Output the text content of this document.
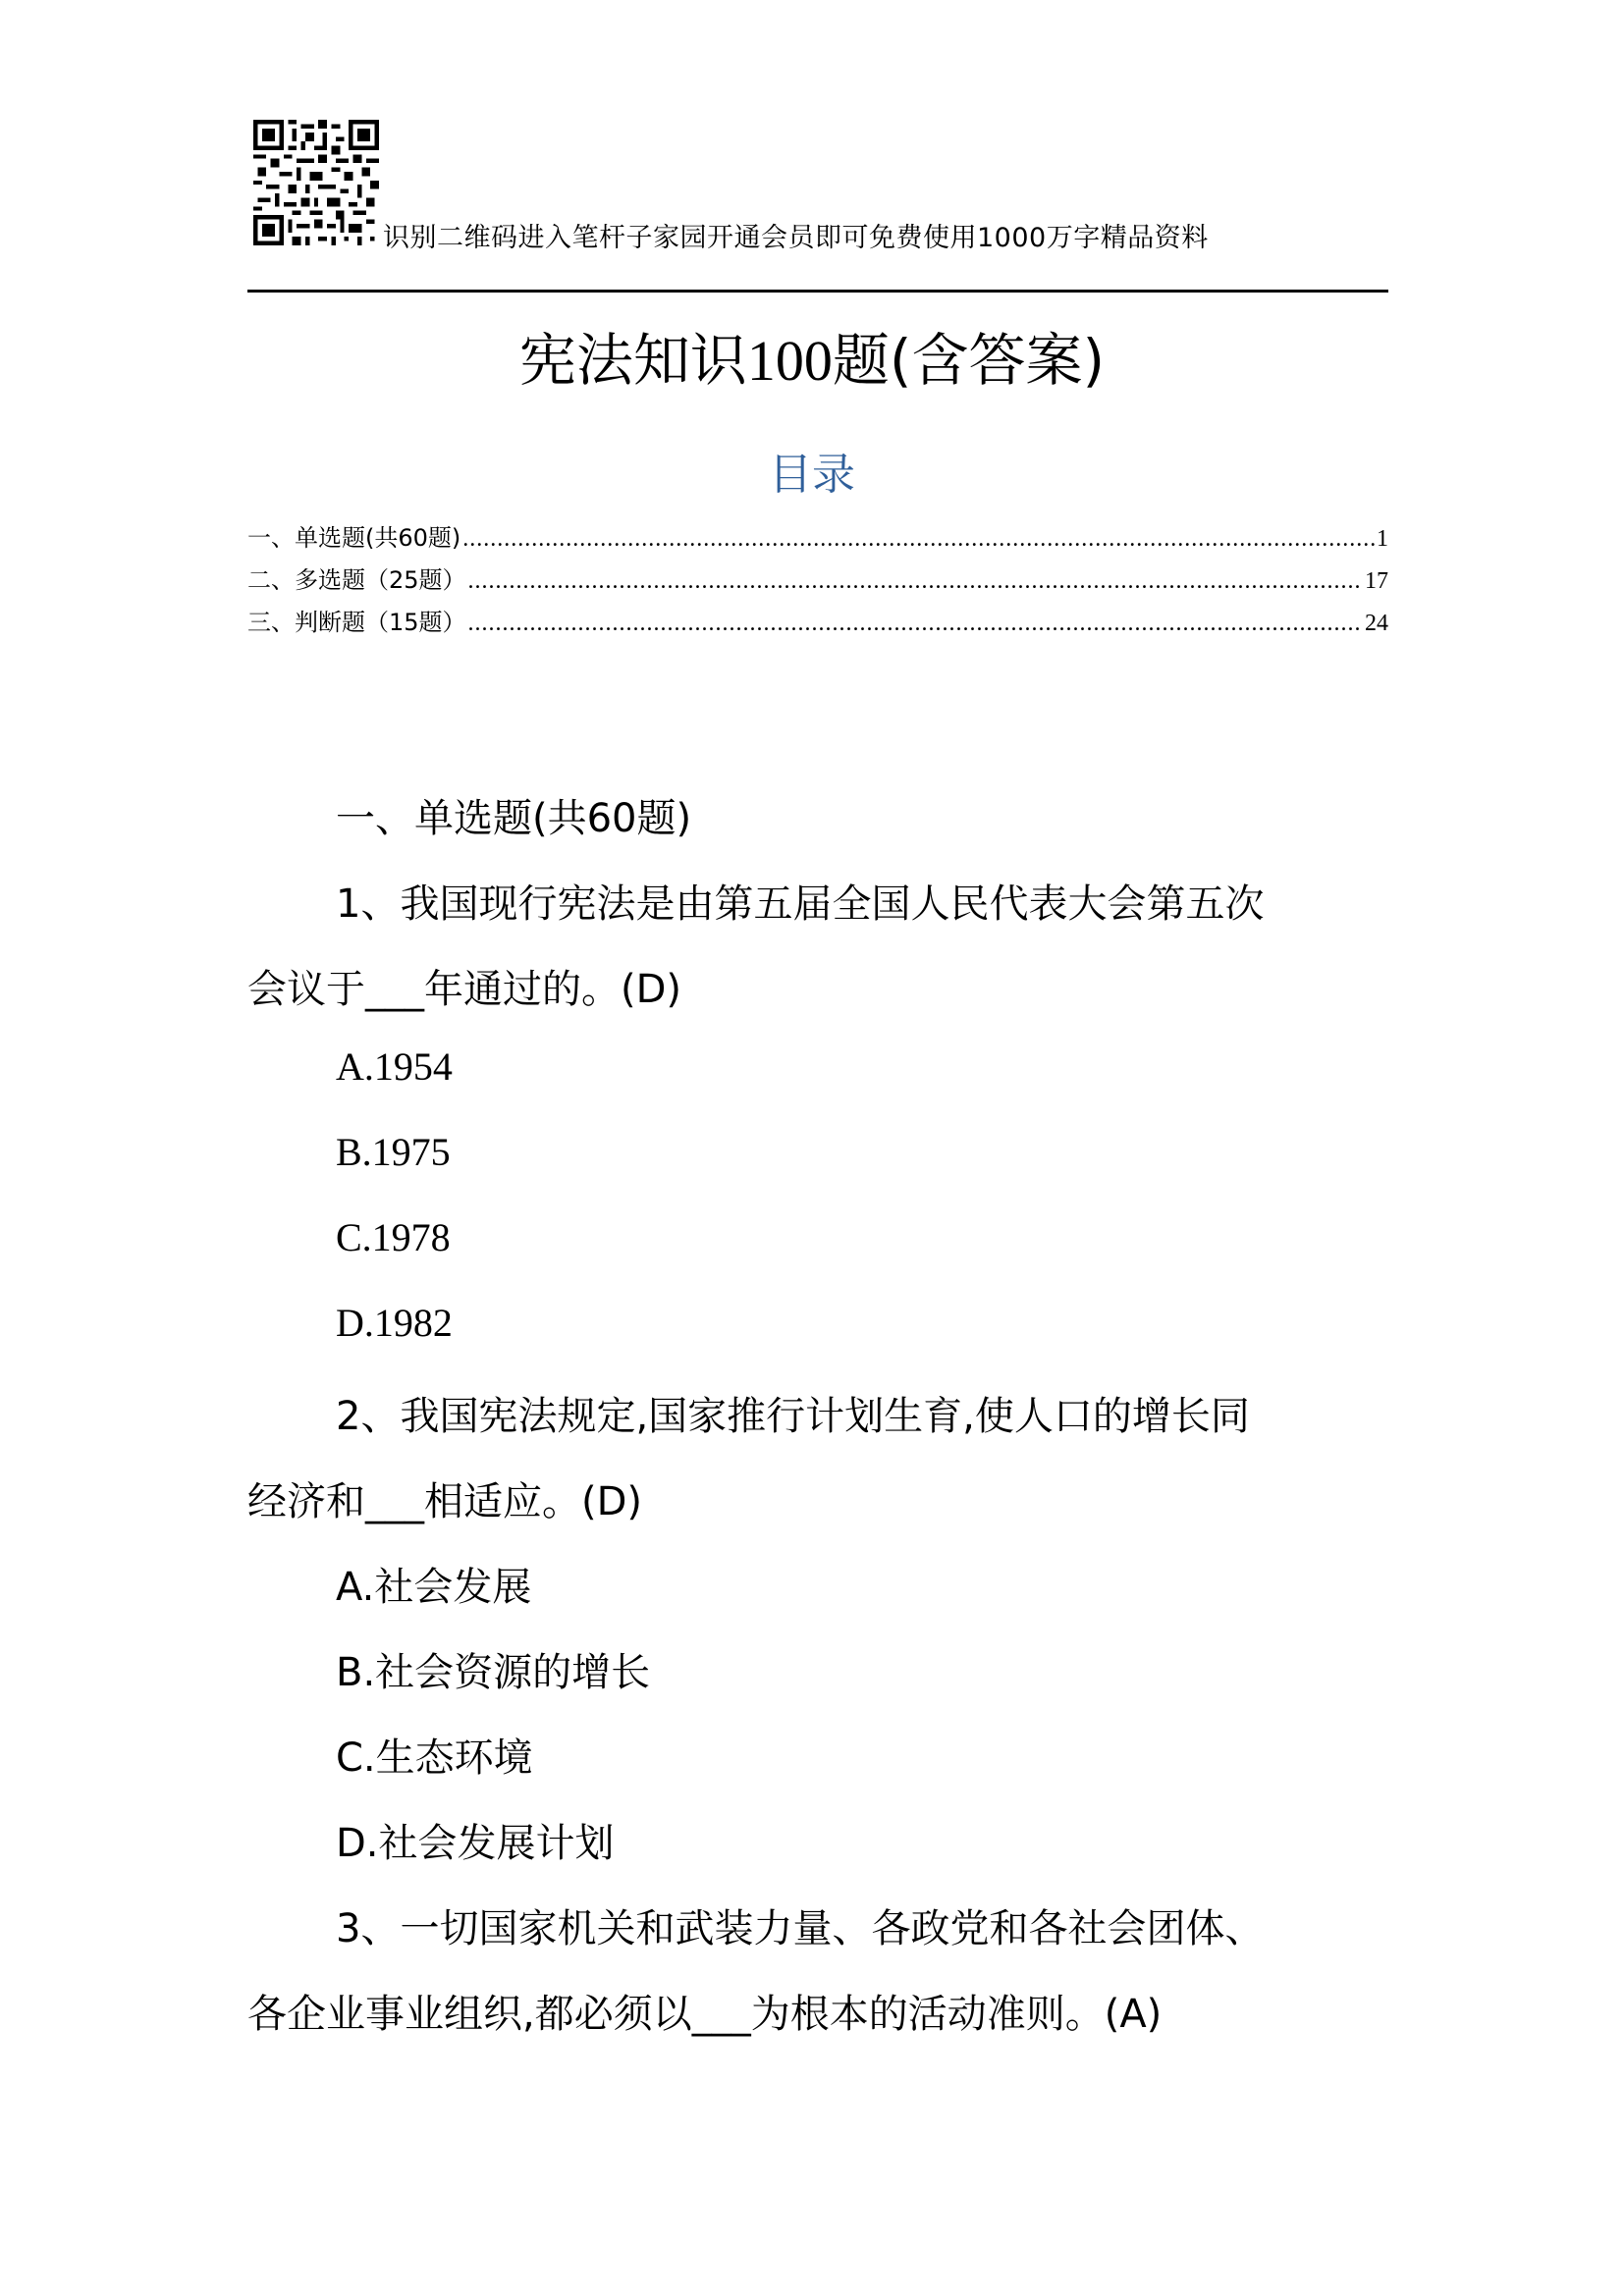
识别二维码进入笔杆子家园开通会员即可免费使用1000万字精品资料
宪法知识100题(含答案)
目录
一、单选题(共60题) .....	1
二、多选题（25题） .....	17
三、判断题（15题） .....	24
一、单选题(共60题)
1、我国现行宪法是由第五届全国人民代表大会第五次
会议于___年通过的。(D)
A.1954
B.1975
C.1978
D.1982
2、我国宪法规定,国家推行计划生育,使人口的增长同
经济和___相适应。(D)
A.社会发展
B.社会资源的增长
C.生态环境
D.社会发展计划
3、一切国家机关和武装力量、各政党和各社会团体、
各企业事业组织,都必须以___为根本的活动准则。(A)
